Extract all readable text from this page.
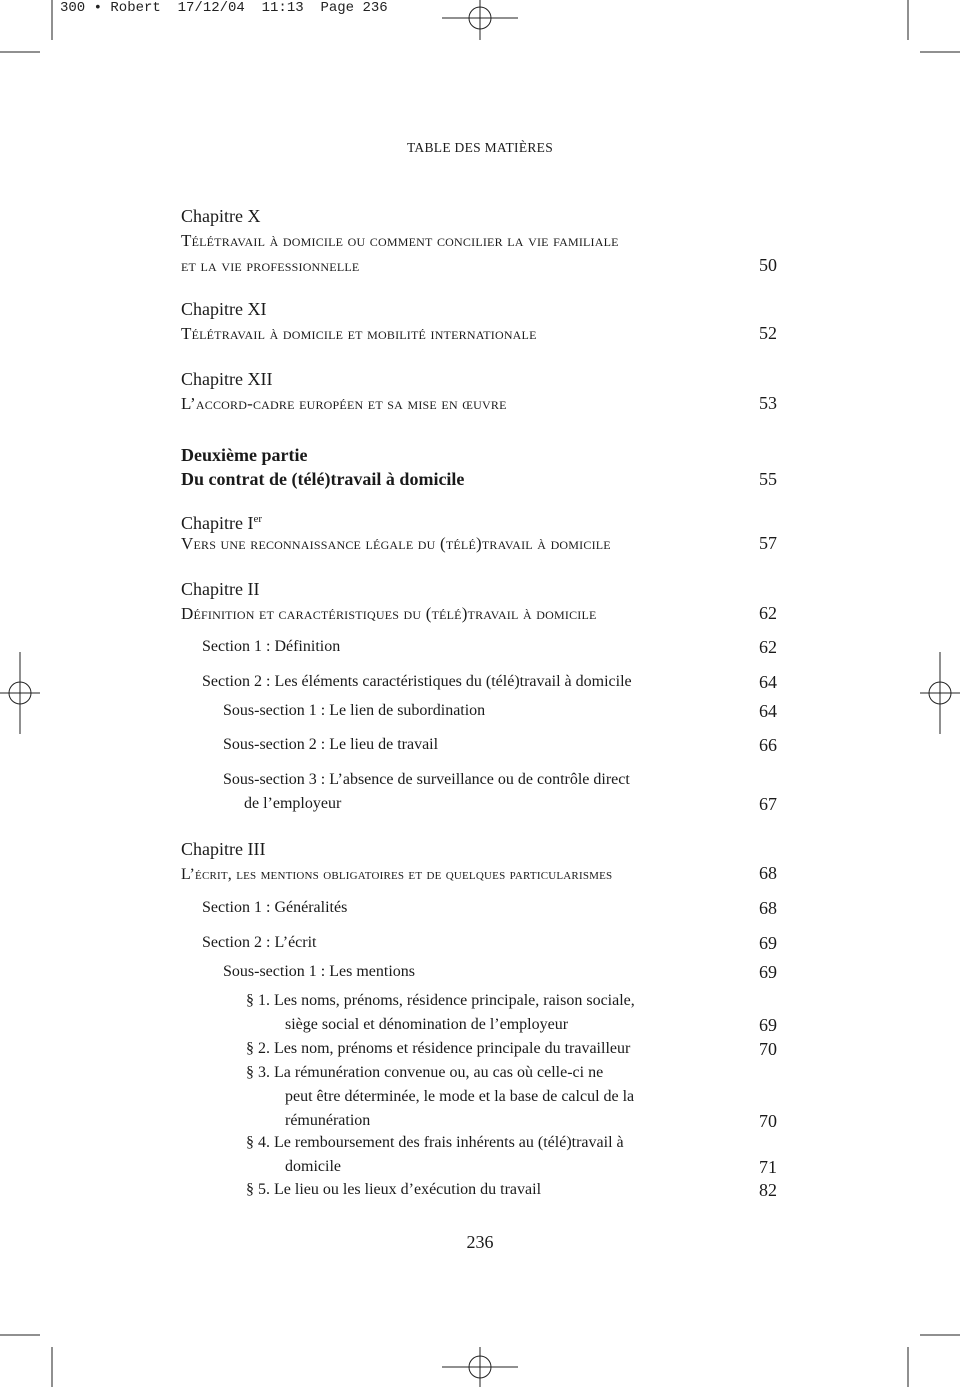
300 • Robert  17/12/04  11:13  Page 236
TABLE DES MATIÈRES
Chapitre X
Télétravail à domicile ou comment concilier la vie familiale
et la vie professionnelle	50
Chapitre XI
Télétravail à domicile et mobilité internationale	52
Chapitre XII
L’accord-cadre européen et sa mise en œuvre	53
Deuxième partie
Du contrat de (télé)travail à domicile	55
Chapitre Ier
Vers une reconnaissance légale du (télé)travail à domicile	57
Chapitre II
Définition et caractéristiques du (télé)travail à domicile	62
Section 1 : Définition	62
Section 2 : Les éléments caractéristiques du (télé)travail à domicile	64
Sous-section 1 : Le lien de subordination	64
Sous-section 2 : Le lieu de travail	66
Sous-section 3 : L’absence de surveillance ou de contrôle direct
de l’employeur	67
Chapitre III
L’écrit, les mentions obligatoires et de quelques particularismes	68
Section 1 : Généralités	68
Section 2 : L’écrit	69
Sous-section 1 : Les mentions	69
§ 1. Les noms, prénoms, résidence principale, raison sociale,
siège social et dénomination de l’employeur	69
§ 2. Les nom, prénoms et résidence principale du travailleur	70
§ 3. La rémunération convenue ou, au cas où celle-ci ne
peut être déterminée, le mode et la base de calcul de la
rémunération	70
§ 4. Le remboursement des frais inhérents au (télé)travail à
domicile	71
§ 5. Le lieu ou les lieux d’exécution du travail	82
236
